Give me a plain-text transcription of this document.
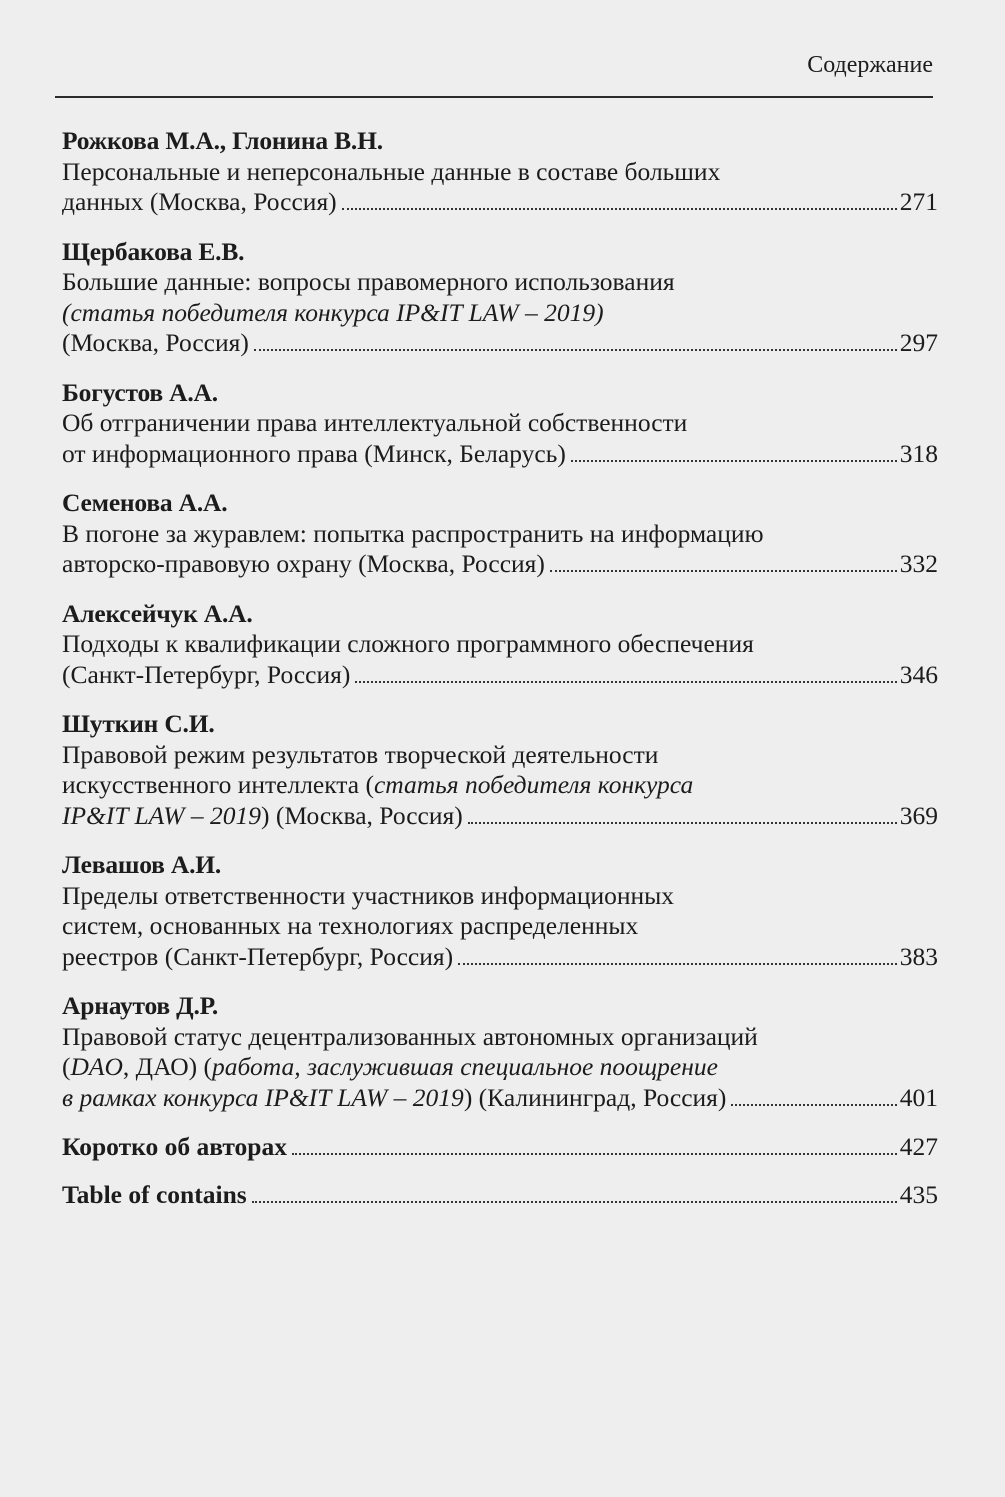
Содержание
Рожкова М.А., Глонина В.Н.
Персональные и неперсональные данные в составе больших
данных (Москва, Россия)	271
Щербакова Е.В.
Большие данные: вопросы правомерного использования
(статья победителя конкурса IP&IT LAW – 2019)
(Москва, Россия)	297
Богустов А.А.
Об отграничении права интеллектуальной собственности
от информационного права (Минск, Беларусь)	318
Семенова А.А.
В погоне за журавлем: попытка распространить на информацию
авторско-правовую охрану (Москва, Россия)	332
Алексейчук А.А.
Подходы к квалификации сложного программного обеспечения
(Санкт-Петербург, Россия)	346
Шуткин С.И.
Правовой режим результатов творческой деятельности
искусственного интеллекта (статья победителя конкурса
IP&IT LAW – 2019) (Москва, Россия)	369
Левашов А.И.
Пределы ответственности участников информационных
систем, основанных на технологиях распределенных
реестров (Санкт-Петербург, Россия)	383
Арнаутов Д.Р.
Правовой статус децентрализованных автономных организаций
(DAO, ДАО) (работа, заслужившая специальное поощрение
в рамках конкурса IP&IT LAW – 2019) (Калининград, Россия)	401
Коротко об авторах	427
Table of contains	435
